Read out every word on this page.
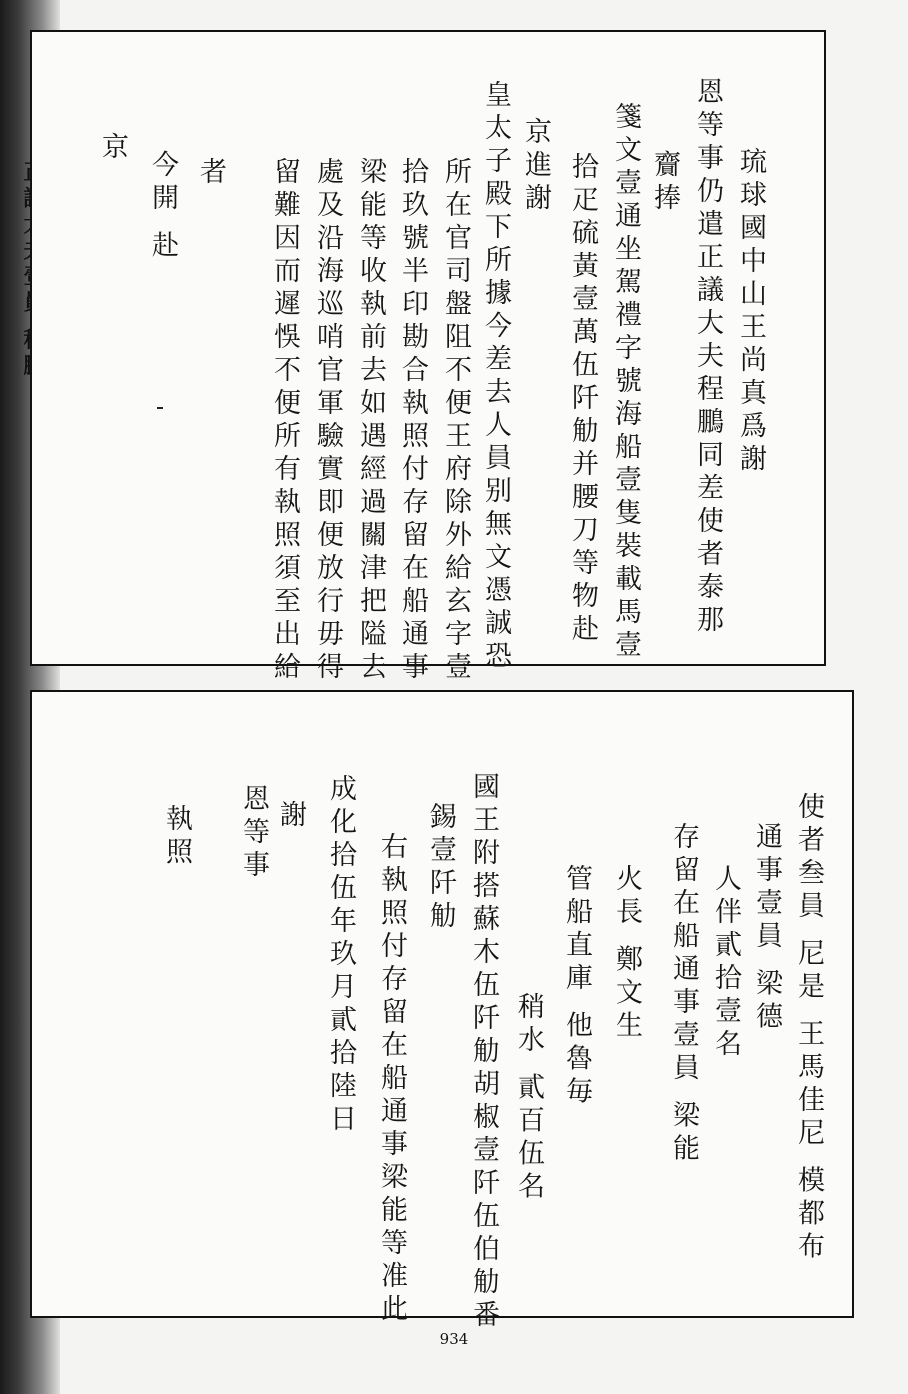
琉球國中山王尚真爲謝
恩等事仍遣正議大夫程鵬同差使者泰那
齎捧
箋文壹通坐駕禮字號海船壹隻裝載馬壹
拾疋硫黃壹萬伍阡觔并腰刀等物赴
京進謝
皇太子殿下所據今差去人員别無文憑誠恐
所在官司盤阻不便王府除外給玄字壹
拾玖號半印勘合執照付存留在船通事
梁能等收執前去如遇經過關津把隘去
處及沿海巡哨官軍驗實即便放行毋得
留難因而遲悞不便所有執照須至出給
者
今開 赴
京
使者叁員 尼是 王馬佳尼 模都布
通事壹員 梁德
人伴貳拾壹名
存留在船通事壹員 梁能
火長 鄭文生
管船直庫 他魯毎
稍水 貳百伍名
國王附搭蘇木伍阡觔胡椒壹阡伍伯觔番
錫壹阡觔
右執照付存留在船通事梁能等准此
成化拾伍年玖月貳拾陸日
謝
恩等事
執照
934
